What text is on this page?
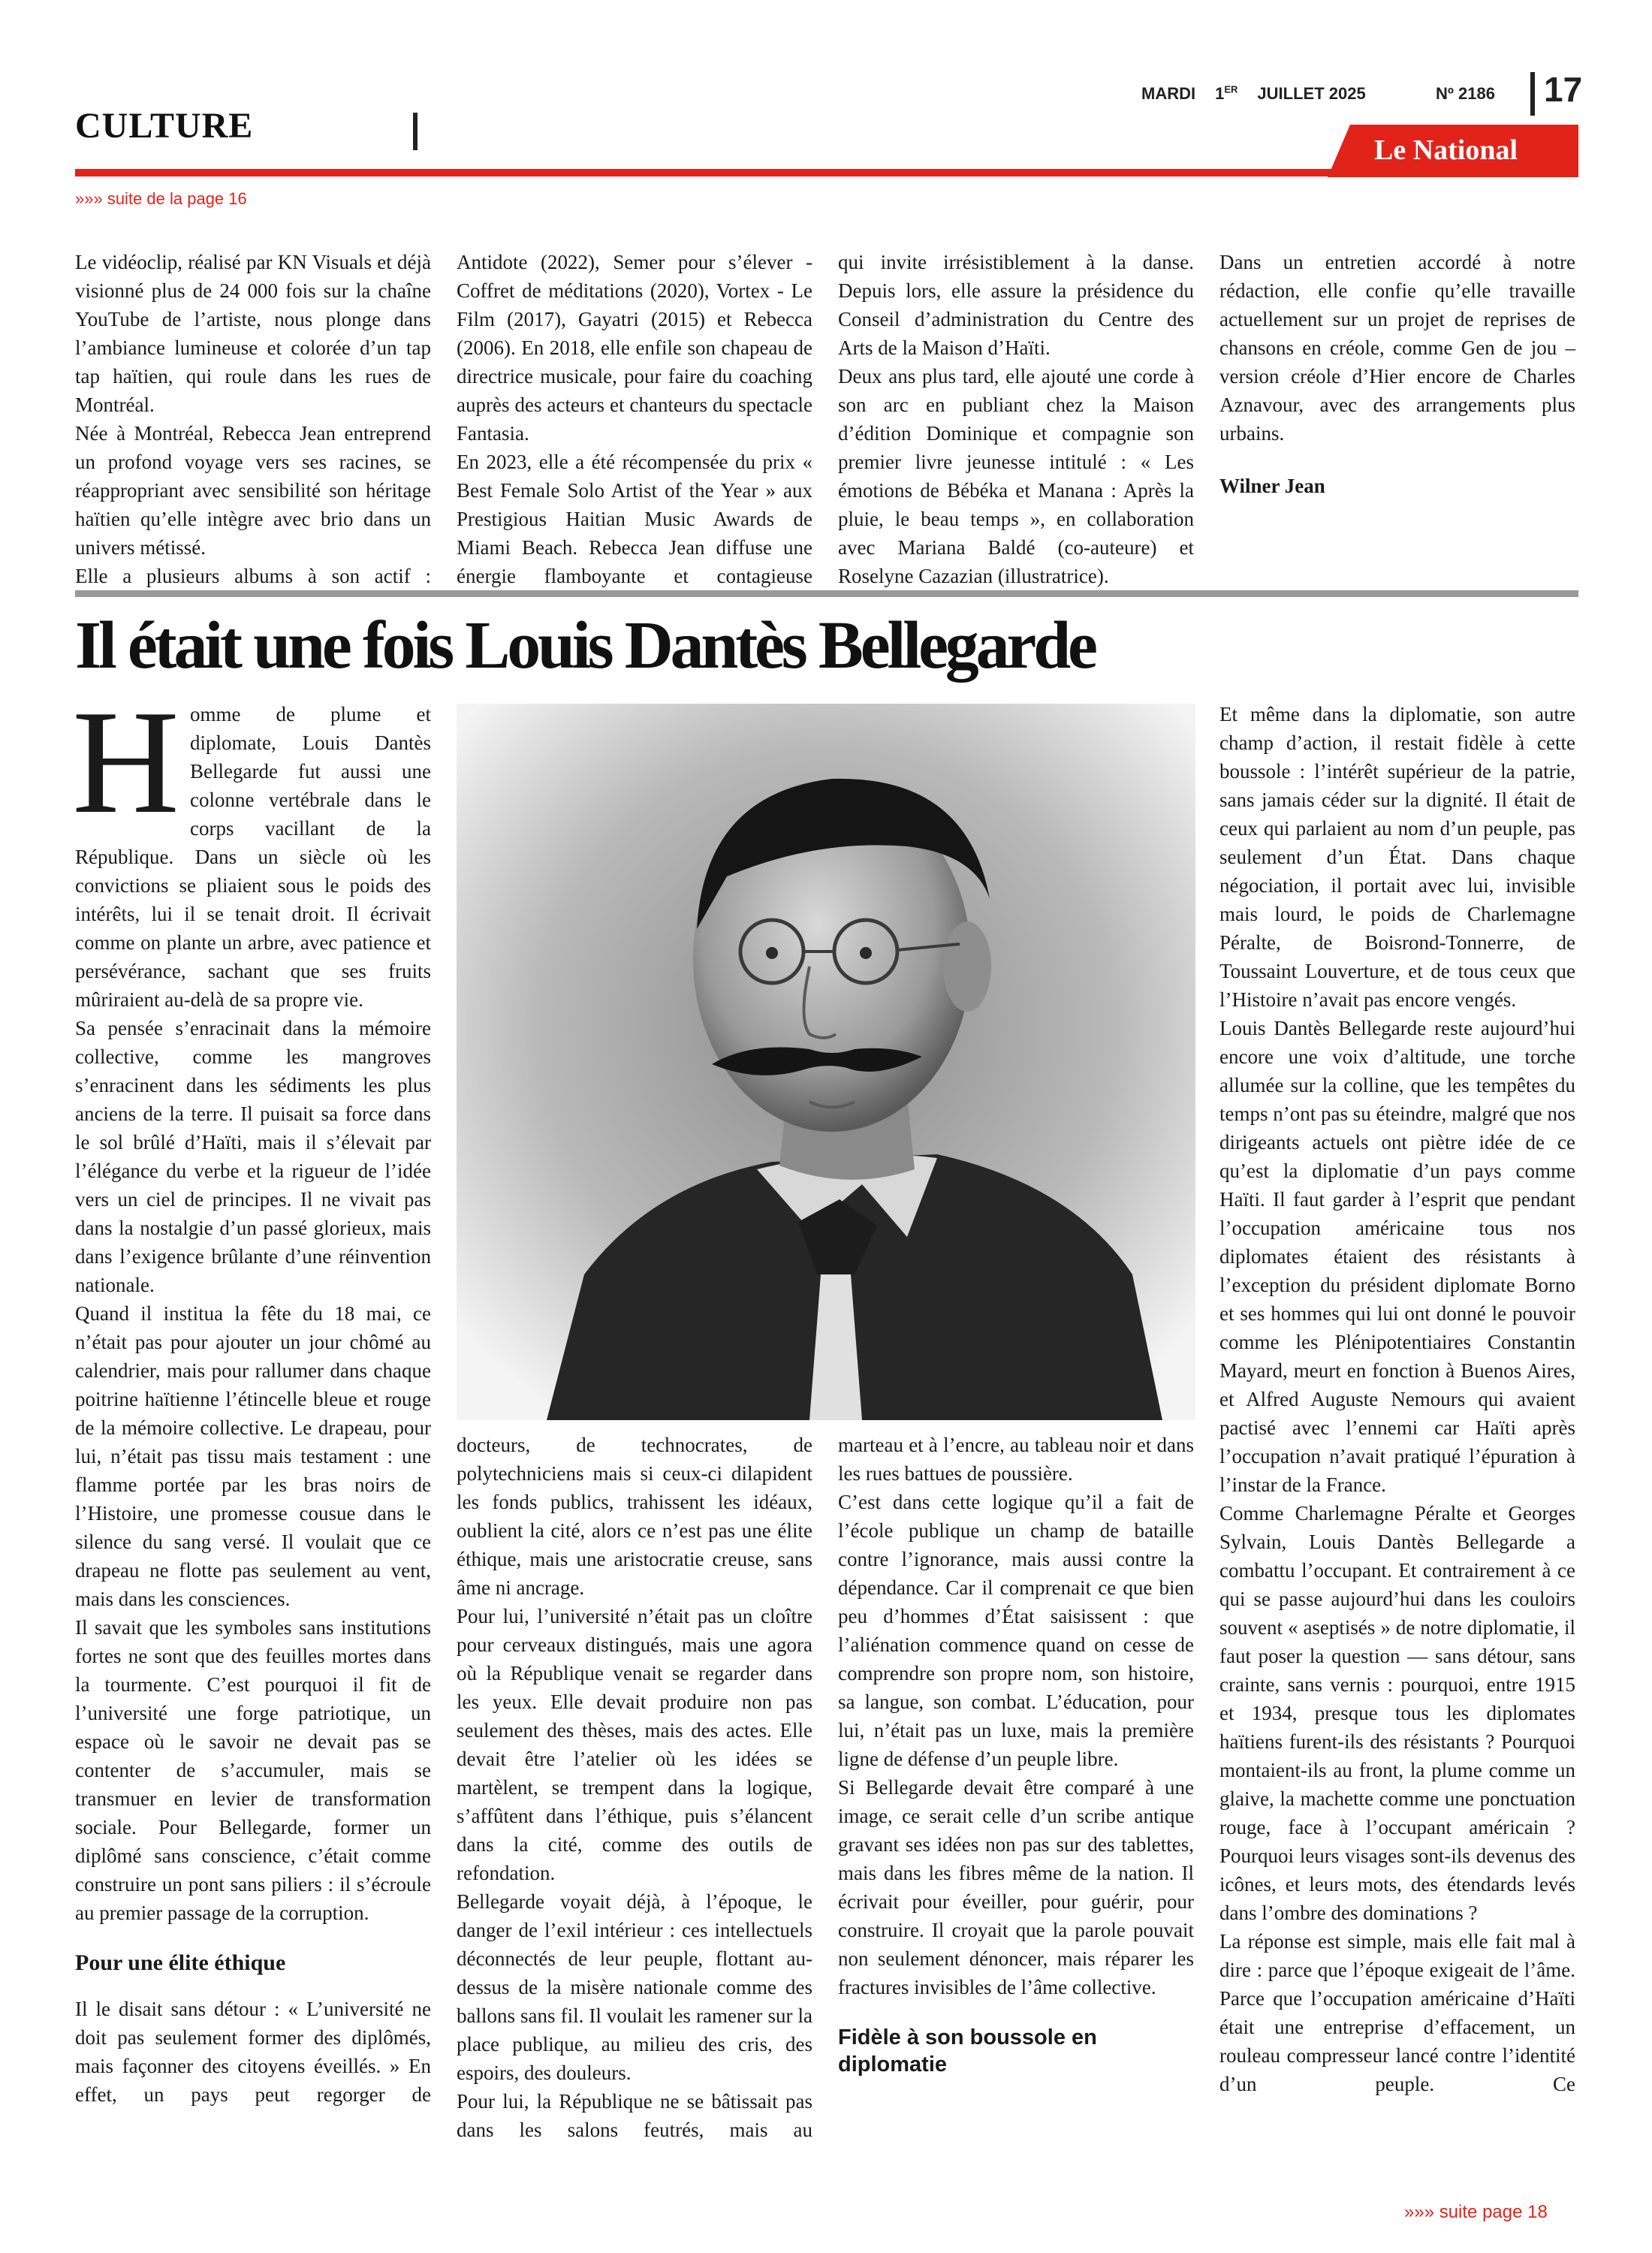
CULTURE
MARDI 1ER JUILLET 2025	Nº 2186 17
Le National
»»» suite de la page 16

Le vidéoclip, réalisé par KN Visuals et déjà visionné plus de 24 000 fois sur la chaîne YouTube de l’artiste, nous plonge dans l’ambiance lumineuse et colorée d’un tap tap haïtien, qui roule dans les rues de Montréal.

Née à Montréal, Rebecca Jean entreprend un profond voyage vers ses racines, se réappropriant avec sensibilité son héritage haïtien qu’elle intègre avec brio dans un univers métissé.

Elle a plusieurs albums à son actif :

Antidote (2022), Semer pour s’élever - Coffret de méditations (2020), Vortex - Le Film (2017), Gayatri (2015) et Rebecca (2006). En 2018, elle enfile son chapeau de directrice musicale, pour faire du coaching auprès des acteurs et chanteurs du spectacle Fantasia.

En 2023, elle a été récompensée du prix « Best Female Solo Artist of the Year » aux Prestigious Haitian Music Awards de Miami Beach. Rebecca Jean diffuse une énergie flamboyante et contagieuse

qui invite irrésistiblement à la danse. Depuis lors, elle assure la présidence du Conseil d’administration du Centre des Arts de la Maison d’Haïti.

Deux ans plus tard, elle ajouté une corde à son arc en publiant chez la Maison d’édition Dominique et compagnie son premier livre jeunesse intitulé : « Les émotions de Bébéka et Manana : Après la pluie, le beau temps », en collaboration avec Mariana Baldé (co-auteure) et Roselyne Cazazian (illustratrice).

Dans un entretien accordé à notre rédaction, elle confie qu’elle travaille actuellement sur un projet de reprises de chansons en créole, comme Gen de jou – version créole d’Hier encore de Charles Aznavour, avec des arrangements plus urbains.

Wilner Jean

Il était une fois Louis Dantès Bellegarde

Homme de plume et diplomate, Louis Dantès Bellegarde fut aussi une colonne vertébrale dans le corps vacillant de la République. Dans un siècle où les convictions se pliaient sous le poids des intérêts, lui il se tenait droit. Il écrivait comme on plante un arbre, avec patience et persévérance, sachant que ses fruits mûriraient au-delà de sa propre vie.

Sa pensée s’enracinait dans la mémoire collective, comme les mangroves s’enracinent dans les sédiments les plus anciens de la terre. Il puisait sa force dans le sol brûlé d’Haïti, mais il s’élevait par l’élégance du verbe et la rigueur de l’idée vers un ciel de principes. Il ne vivait pas dans la nostalgie d’un passé glorieux, mais dans l’exigence brûlante d’une réinvention nationale.

Quand il institua la fête du 18 mai, ce n’était pas pour ajouter un jour chômé au calendrier, mais pour rallumer dans chaque poitrine haïtienne l’étincelle bleue et rouge de la mémoire collective. Le drapeau, pour lui, n’était pas tissu mais testament : une flamme portée par les bras noirs de l’Histoire, une promesse cousue dans le silence du sang versé. Il voulait que ce drapeau ne flotte pas seulement au vent, mais dans les consciences.

Il savait que les symboles sans institutions fortes ne sont que des feuilles mortes dans la tourmente. C’est pourquoi il fit de l’université une forge patriotique, un espace où le savoir ne devait pas se contenter de s’accumuler, mais se transmuer en levier de transformation sociale. Pour Bellegarde, former un diplômé sans conscience, c’était comme construire un pont sans piliers : il s’écroule au premier passage de la corruption.

Pour une élite éthique

Il le disait sans détour : « L’université ne doit pas seulement former des diplômés, mais façonner des citoyens éveillés. » En effet, un pays peut regorger de

docteurs, de technocrates, de polytechniciens mais si ceux-ci dilapident les fonds publics, trahissent les idéaux, oublient la cité, alors ce n’est pas une élite éthique, mais une aristocratie creuse, sans âme ni ancrage.

Pour lui, l’université n’était pas un cloître pour cerveaux distingués, mais une agora où la République venait se regarder dans les yeux. Elle devait produire non pas seulement des thèses, mais des actes. Elle devait être l’atelier où les idées se martèlent, se trempent dans la logique, s’affûtent dans l’éthique, puis s’élancent dans la cité, comme des outils de refondation.

Bellegarde voyait déjà, à l’époque, le danger de l’exil intérieur : ces intellectuels déconnectés de leur peuple, flottant au-dessus de la misère nationale comme des ballons sans fil. Il voulait les ramener sur la place publique, au milieu des cris, des espoirs, des douleurs.

Pour lui, la République ne se bâtissait pas dans les salons feutrés, mais au

marteau et à l’encre, au tableau noir et dans les rues battues de poussière.

C’est dans cette logique qu’il a fait de l’école publique un champ de bataille contre l’ignorance, mais aussi contre la dépendance. Car il comprenait ce que bien peu d’hommes d’État saisissent : que l’aliénation commence quand on cesse de comprendre son propre nom, son histoire, sa langue, son combat. L’éducation, pour lui, n’était pas un luxe, mais la première ligne de défense d’un peuple libre.

Si Bellegarde devait être comparé à une image, ce serait celle d’un scribe antique gravant ses idées non pas sur des tablettes, mais dans les fibres même de la nation. Il écrivait pour éveiller, pour guérir, pour construire. Il croyait que la parole pouvait non seulement dénoncer, mais réparer les fractures invisibles de l’âme collective.

Fidèle à son boussole en diplomatie

Et même dans la diplomatie, son autre champ d’action, il restait fidèle à cette boussole : l’intérêt supérieur de la patrie, sans jamais céder sur la dignité. Il était de ceux qui parlaient au nom d’un peuple, pas seulement d’un État. Dans chaque négociation, il portait avec lui, invisible mais lourd, le poids de Charlemagne Péralte, de Boisrond-Tonnerre, de Toussaint Louverture, et de tous ceux que l’Histoire n’avait pas encore vengés.

Louis Dantès Bellegarde reste aujourd’hui encore une voix d’altitude, une torche allumée sur la colline, que les tempêtes du temps n’ont pas su éteindre, malgré que nos dirigeants actuels ont piètre idée de ce qu’est la diplomatie d’un pays comme Haïti. Il faut garder à l’esprit que pendant l’occupation américaine tous nos diplomates étaient des résistants à l’exception du président diplomate Borno et ses hommes qui lui ont donné le pouvoir comme les Plénipotentiaires Constantin Mayard, meurt en fonction à Buenos Aires, et Alfred Auguste Nemours qui avaient pactisé avec l’ennemi car Haïti après l’occupation n’avait pratiqué l’épuration à l’instar de la France.

Comme Charlemagne Péralte et Georges Sylvain, Louis Dantès Bellegarde a combattu l’occupant. Et contrairement à ce qui se passe aujourd’hui dans les couloirs souvent « aseptisés » de notre diplomatie, il faut poser la question — sans détour, sans crainte, sans vernis : pourquoi, entre 1915 et 1934, presque tous les diplomates haïtiens furent-ils des résistants ? Pourquoi montaient-ils au front, la plume comme un glaive, la machette comme une ponctuation rouge, face à l’occupant américain ? Pourquoi leurs visages sont-ils devenus des icônes, et leurs mots, des étendards levés dans l’ombre des dominations ?

La réponse est simple, mais elle fait mal à dire : parce que l’époque exigeait de l’âme. Parce que l’occupation américaine d’Haïti était une entreprise d’effacement, un rouleau compresseur lancé contre l’identité d’un peuple. Ce

»»» suite page 18
